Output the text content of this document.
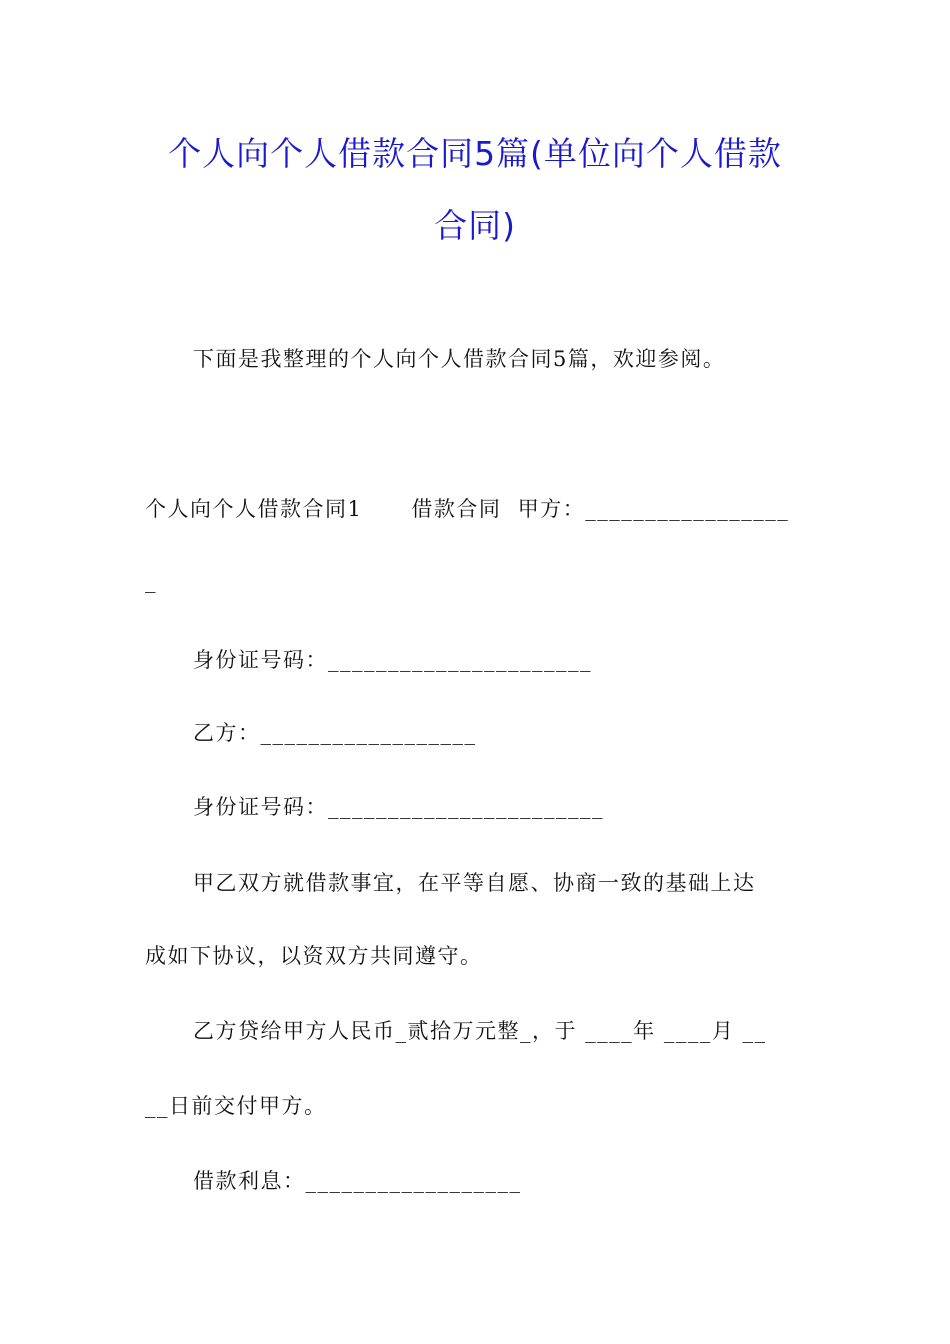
个人向个人借款合同5篇(单位向个人借款
合同)

下面是我整理的个人向个人借款合同5篇，欢迎参阅。

个人向个人借款合同1      借款合同  甲方：_________________

_

身份证号码：______________________

乙方：__________________

身份证号码：_______________________

甲乙双方就借款事宜，在平等自愿、协商一致的基础上达

成如下协议，以资双方共同遵守。

乙方贷给甲方人民币_贰拾万元整_，于 ____年 ____月 __

__日前交付甲方。

借款利息：__________________
